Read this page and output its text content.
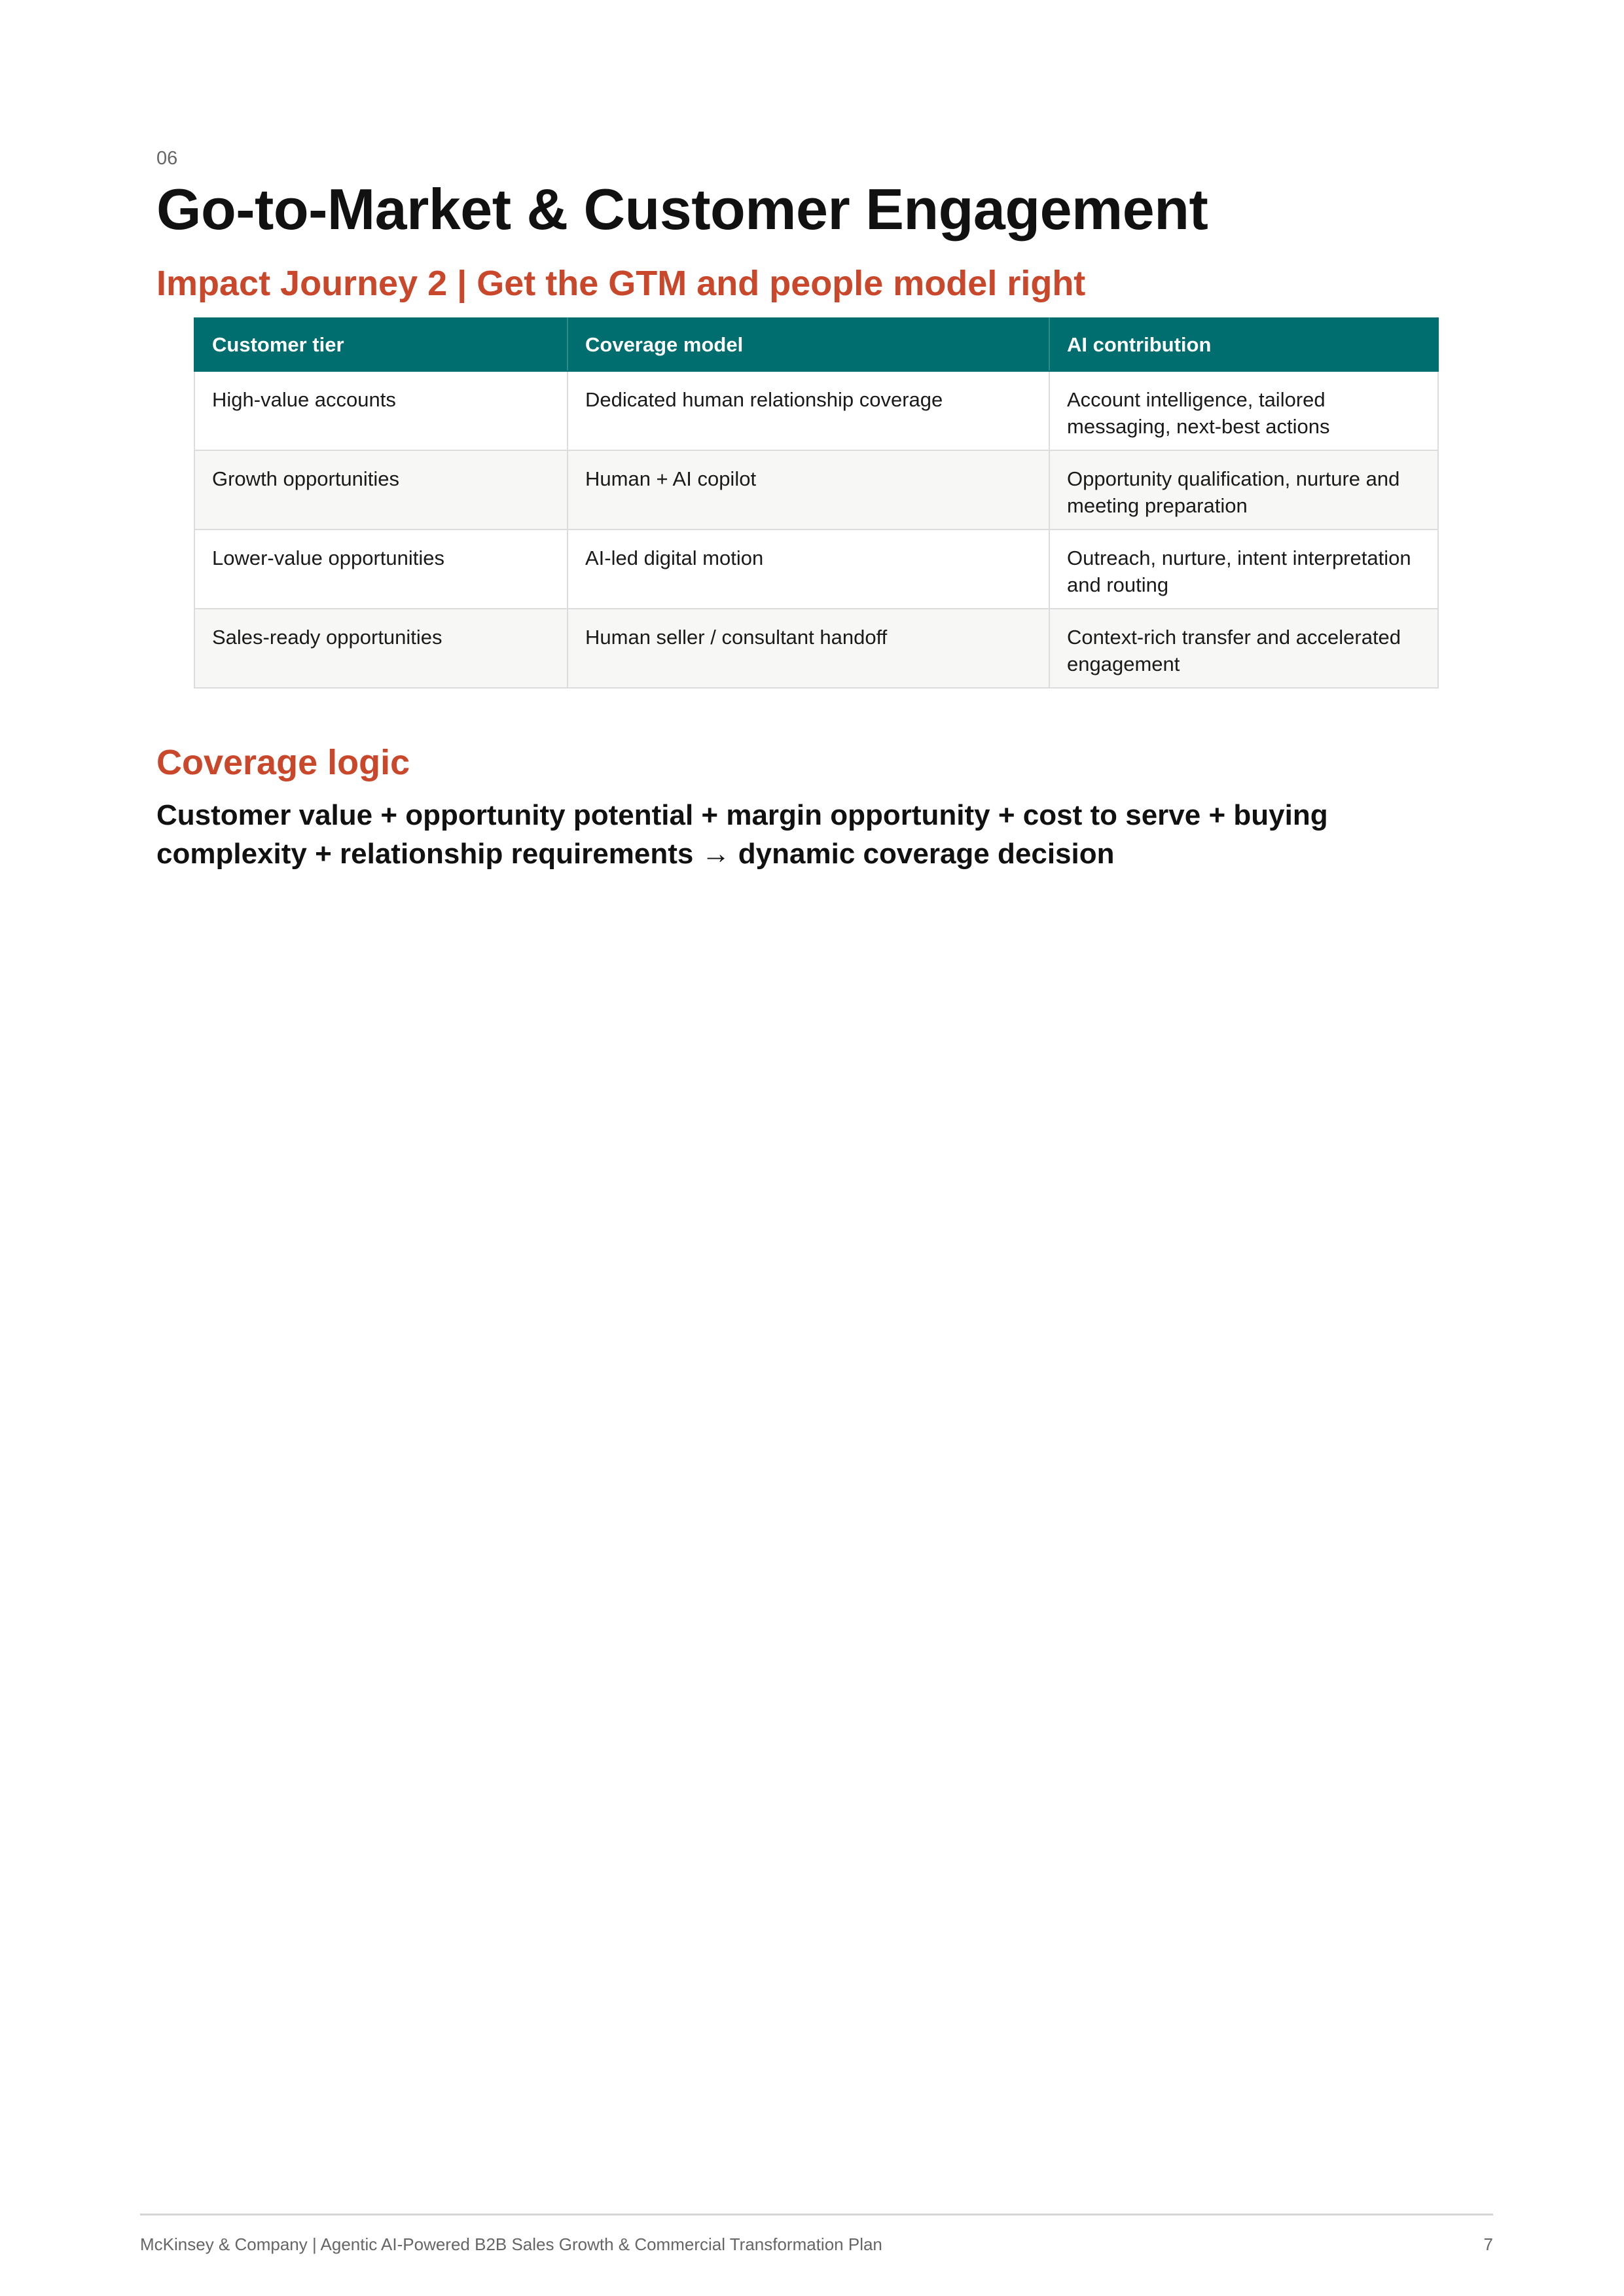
06
Go-to-Market & Customer Engagement
Impact Journey 2 | Get the GTM and people model right
Customer tier	Coverage model	AI contribution
High-value accounts	Dedicated human relationship coverage	Account intelligence, tailored messaging, next-best actions
Growth opportunities	Human + AI copilot	Opportunity qualification, nurture and meeting preparation
Lower-value opportunities	AI-led digital motion	Outreach, nurture, intent interpretation and routing
Sales-ready opportunities	Human seller / consultant handoff	Context-rich transfer and accelerated engagement
Coverage logic

Customer value + opportunity potential + margin opportunity + cost to serve + buying complexity + relationship requirements → dynamic coverage decision

McKinsey & Company | Agentic AI-Powered B2B Sales Growth & Commercial Transformation Plan	7
